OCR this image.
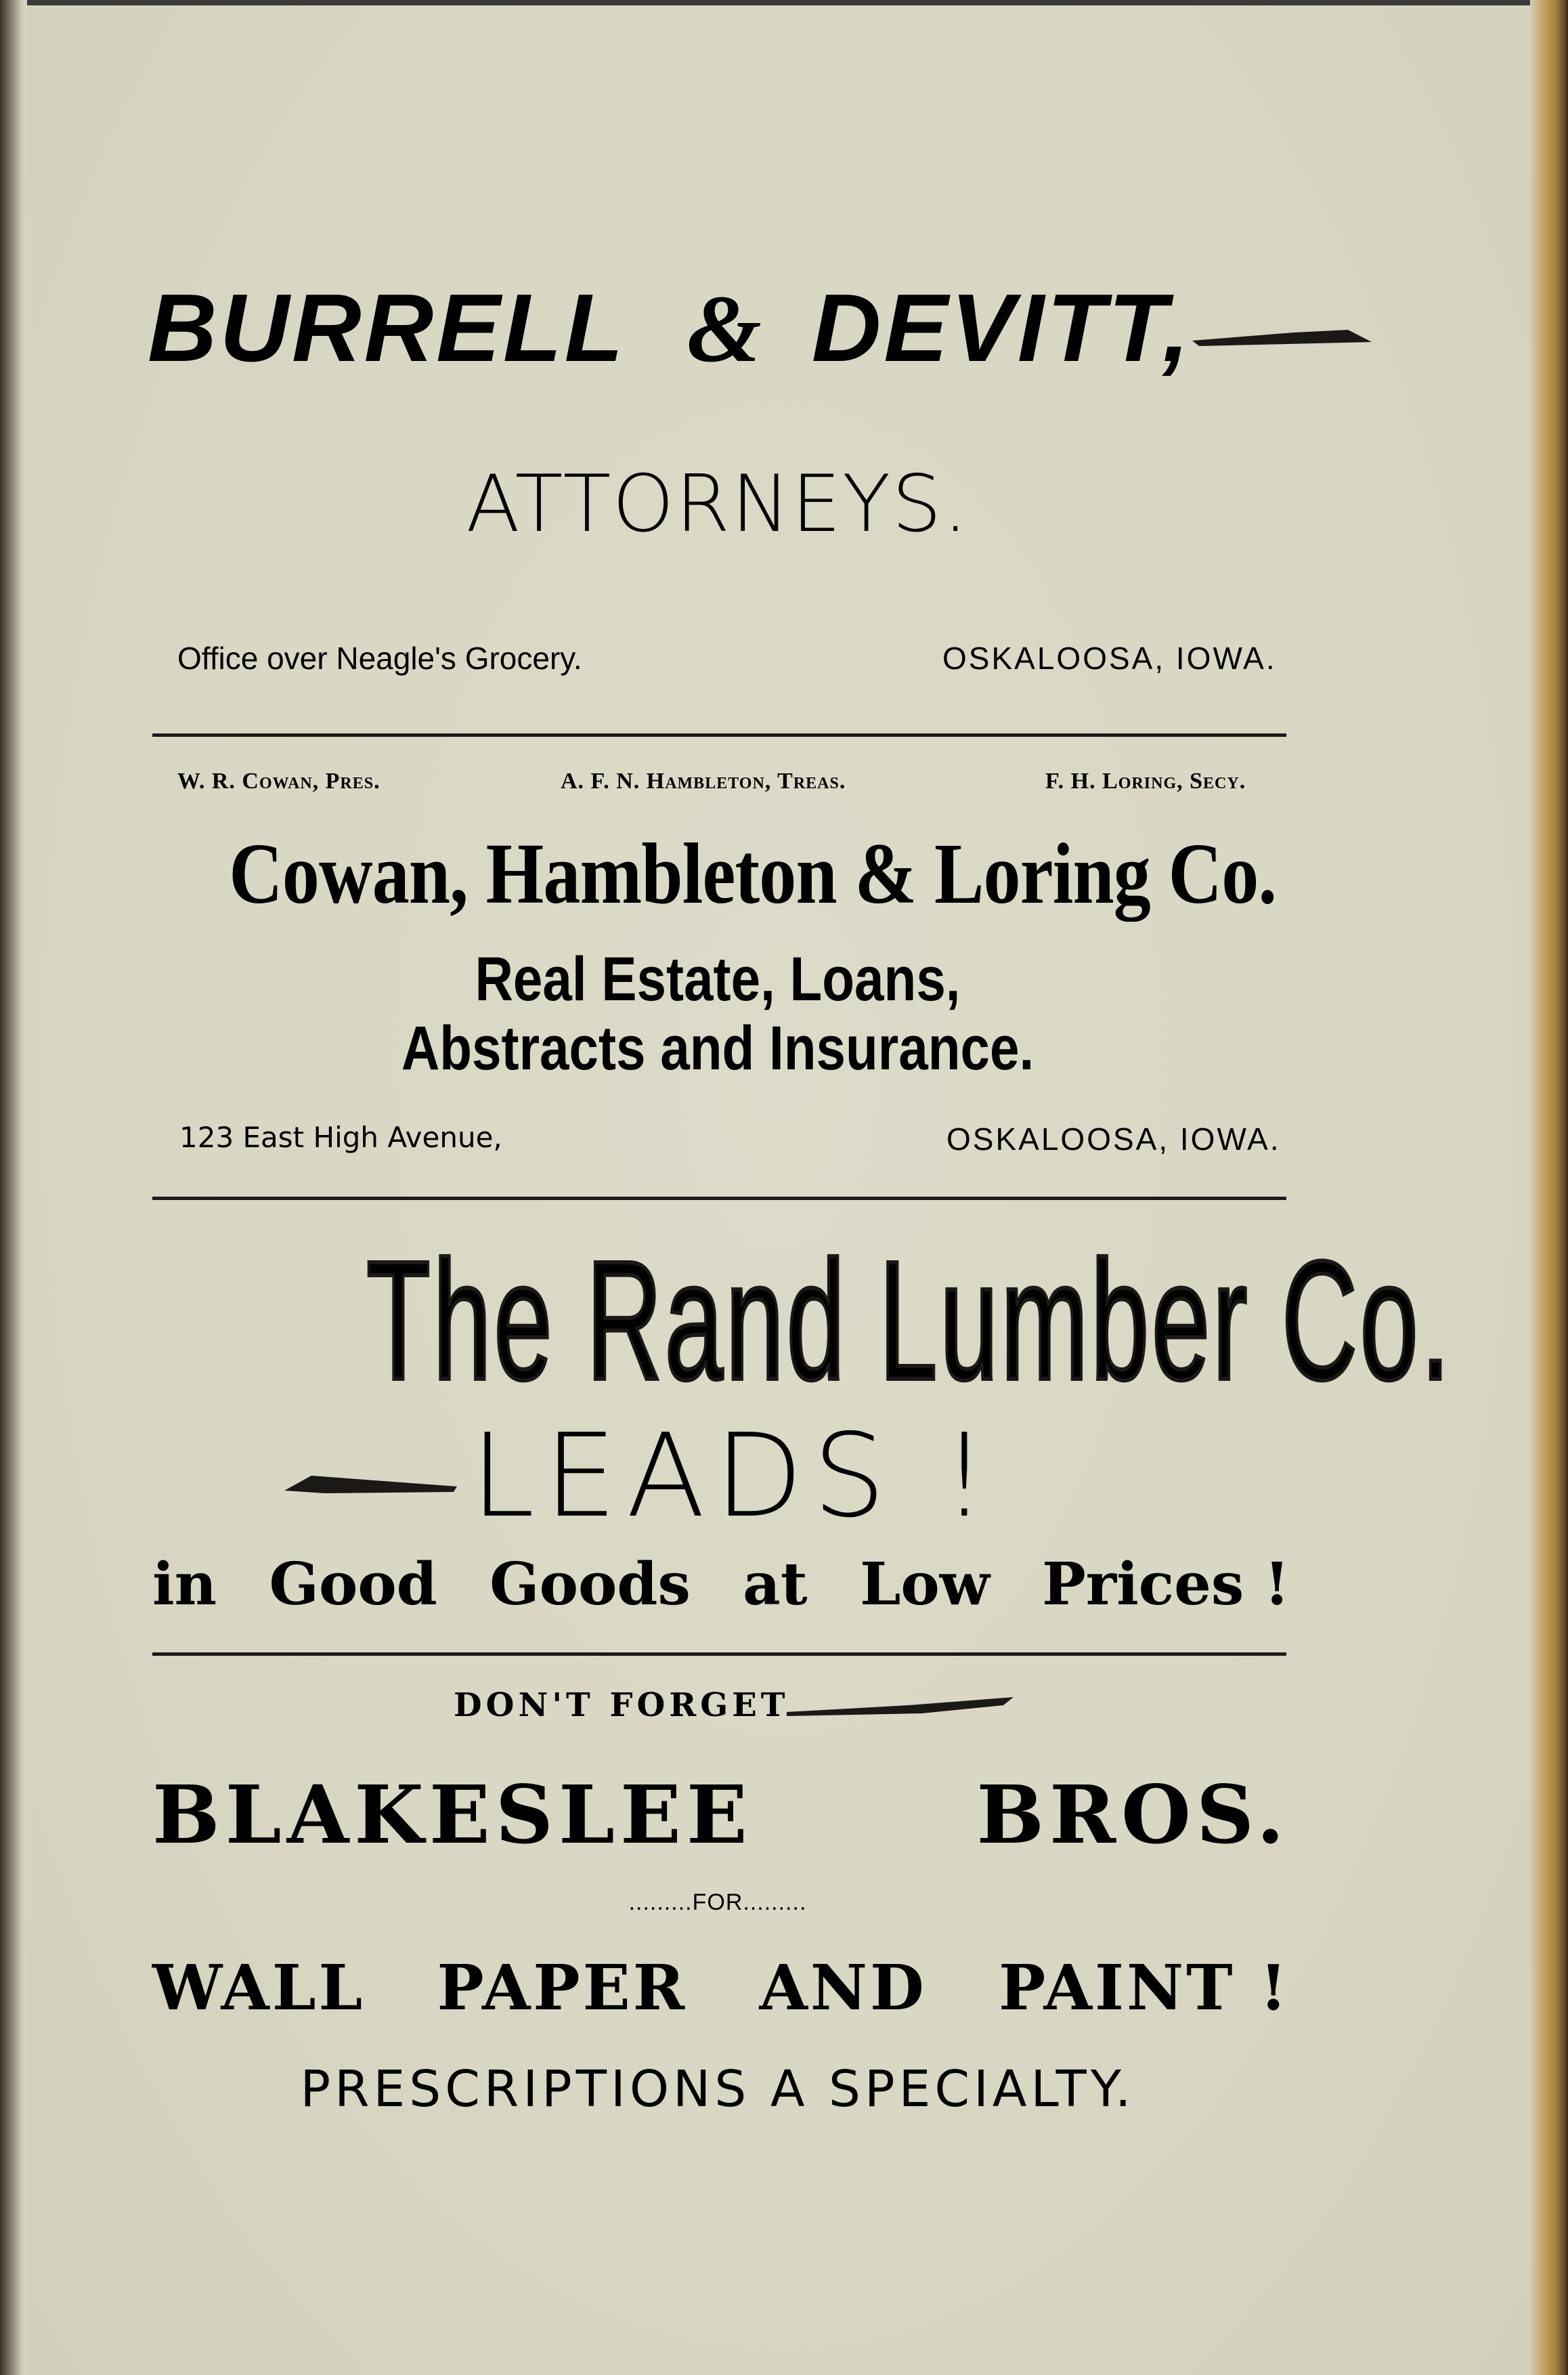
BURRELL & DEVITT,
ATTORNEYS.
Office over Neagle's Grocery.	OSKALOOSA, IOWA.
W. R. Cowan, Pres.	A. F. N. Hambleton, Treas.	F. H. Loring, Secy.
Cowan, Hambleton & Loring Co.
Real Estate, Loans,
Abstracts and Insurance.
123 East High Avenue,	OSKALOOSA, IOWA.
The Rand Lumber Co.
LEADS !
in Good Goods at Low Prices !
DON'T FORGET
BLAKESLEE	BROS.
.........FOR.........
WALL PAPER AND PAINT !
PRESCRIPTIONS A SPECIALTY.
